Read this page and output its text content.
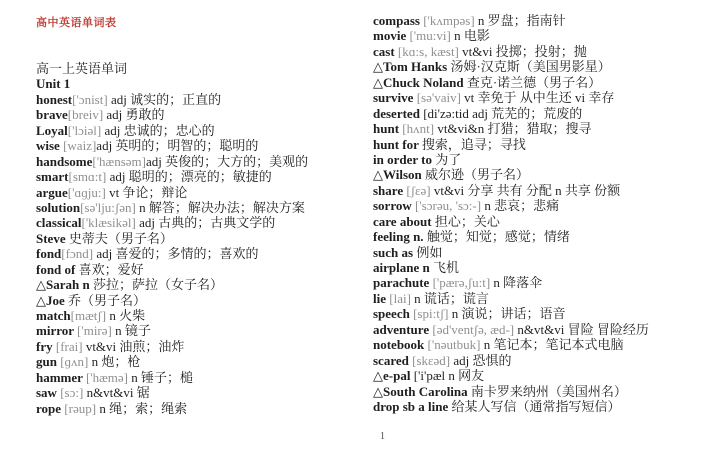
高中英语单词表
高一上英语单词
Unit 1
honest['ɔnist] adj 诚实的；正直的
brave[breiv] adj 勇敢的
Loyal['lɔiəl] adj 忠诚的；忠心的
wise [waiz]adj 英明的；明智的；聪明的
handsome['hænsəm]adj 英俊的；大方的；美观的
smart[smɑ:t] adj 聪明的；漂亮的；敏捷的
argue['ɑɡju:] vt 争论；辩论
solution[sə'lju:ʃən] n 解答；解决办法；解决方案
classical['klæsikəl] adj 古典的；古典文学的
Steve 史蒂夫（男子名）
fond[fɔnd] adj 喜爱的；多情的；喜欢的
fond of 喜欢；爱好
△Sarah n 莎拉；萨拉（女子名）
△Joe 乔（男子名）
match[mætʃ] n 火柴
mirror ['mirə] n 镜子
fry [frai] vt&vi 油煎；油炸
gun [ɡʌn] n 炮；枪
hammer ['hæmə] n 锤子；槌
saw [sɔ:] n&vt&vi 锯
rope [rəup] n 绳；索；绳索
compass ['kʌmpəs] n 罗盘；指南针
movie ['mu:vi] n 电影
cast [kɑ:s, kæst] vt&vi 投掷；投射；抛
△Tom Hanks 汤姆·汉克斯（美国男影星）
△Chuck Noland 查克·诺兰德（男子名）
survive [sə'vaiv] vt 幸免于 从中生还 vi 幸存
deserted [di'zə:tid adj 荒芜的；荒废的
hunt [hʌnt] vt&vi&n 打猎；猎取；搜寻
hunt for 搜索，追寻；寻找
in order to 为了
△Wilson 威尔逊（男子名）
share [ʃɛə] vt&vi 分享 共有 分配 n 共享 份额
sorrow ['sɔrəu, 'sɔ:-] n 悲哀；悲痛
care about 担心；关心
feeling n. 触觉；知觉；感觉；情绪
such as 例如
airplane n 飞机
parachute ['pærə,ʃu:t] n 降落伞
lie [lai] n 谎话；谎言
speech [spi:tʃ] n 演说；讲话；语音
adventure [əd'ventʃə, æd-] n&vt&vi 冒险 冒险经历
notebook ['nəutbuk] n 笔记本；笔记本式电脑
scared [skɛəd] adj 恐惧的
△e-pal ['i'pæl n 网友
△South Carolina 南卡罗来纳州（美国州名）
drop sb a line 给某人写信（通常指写短信）
1
